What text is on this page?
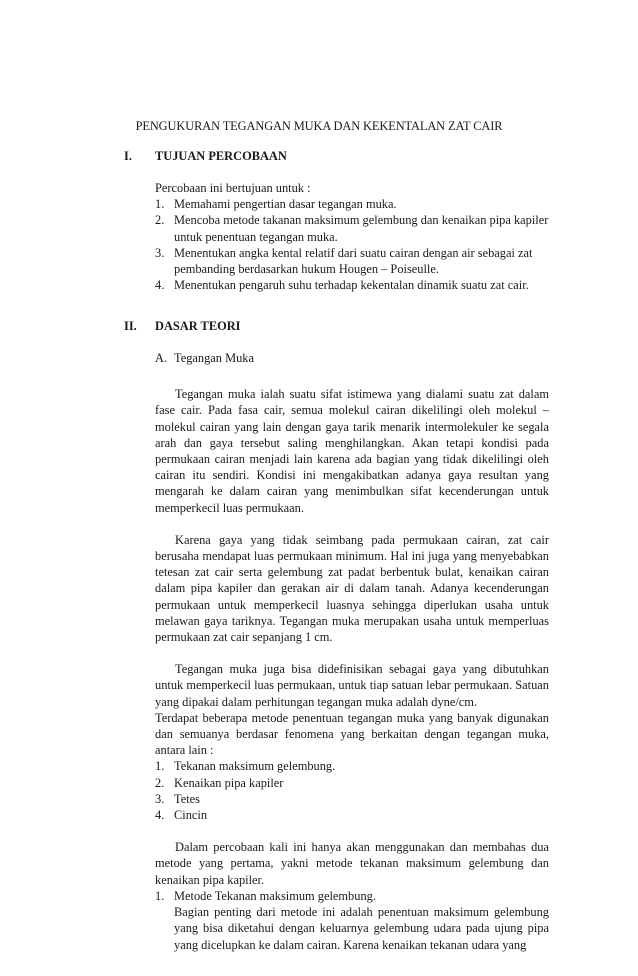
PENGUKURAN TEGANGAN MUKA DAN KEKENTALAN ZAT CAIR
I. TUJUAN PERCOBAAN

Percobaan ini bertujuan untuk :

1. Memahami pengertian dasar tegangan muka.
2. Mencoba metode takanan maksimum gelembung dan kenaikan pipa kapiler untuk penentuan tegangan muka.
3. Menentukan angka kental relatif dari suatu cairan dengan air sebagai zat pembanding berdasarkan hukum Hougen – Poiseulle.
4. Menentukan pengaruh suhu terhadap kekentalan dinamik suatu zat cair.
II. DASAR TEORI
A. Tegangan Muka

Tegangan muka ialah suatu sifat istimewa yang dialami suatu zat dalam fase cair. Pada fasa cair, semua molekul cairan dikelilingi oleh molekul – molekul cairan yang lain dengan gaya tarik menarik intermolekuler ke segala arah dan gaya tersebut saling menghilangkan. Akan tetapi kondisi pada permukaan cairan menjadi lain karena ada bagian yang tidak dikelilingi oleh cairan itu sendiri. Kondisi ini mengakibatkan adanya gaya resultan yang mengarah ke dalam cairan yang menimbulkan sifat kecenderungan untuk memperkecil luas permukaan.

Karena gaya yang tidak seimbang pada permukaan cairan, zat cair berusaha mendapat luas permukaan minimum. Hal ini juga yang menyebabkan tetesan zat cair serta gelembung zat padat berbentuk bulat, kenaikan cairan dalam pipa kapiler dan gerakan air di dalam tanah. Adanya kecenderungan permukaan untuk memperkecil luasnya sehingga diperlukan usaha untuk melawan gaya tariknya. Tegangan muka merupakan usaha untuk memperluas permukaan zat cair sepanjang 1 cm.

Tegangan muka juga bisa didefinisikan sebagai gaya yang dibutuhkan untuk memperkecil luas permukaan, untuk tiap satuan lebar permukaan. Satuan yang dipakai dalam perhitungan tegangan muka adalah dyne/cm.

Terdapat beberapa metode penentuan tegangan muka yang banyak digunakan dan semuanya berdasar fenomena yang berkaitan dengan tegangan muka, antara lain :

1. Tekanan maksimum gelembung.
2. Kenaikan pipa kapiler
3. Tetes
4. Cincin

Dalam percobaan kali ini hanya akan menggunakan dan membahas dua metode yang pertama, yakni metode tekanan maksimum gelembung dan kenaikan pipa kapiler.

1. Metode Tekanan maksimum gelembung.

Bagian penting dari metode ini adalah penentuan maksimum gelembung yang bisa diketahui dengan keluarnya gelembung udara pada ujung pipa yang dicelupkan ke dalam cairan. Karena kenaikan tekanan udara yang
